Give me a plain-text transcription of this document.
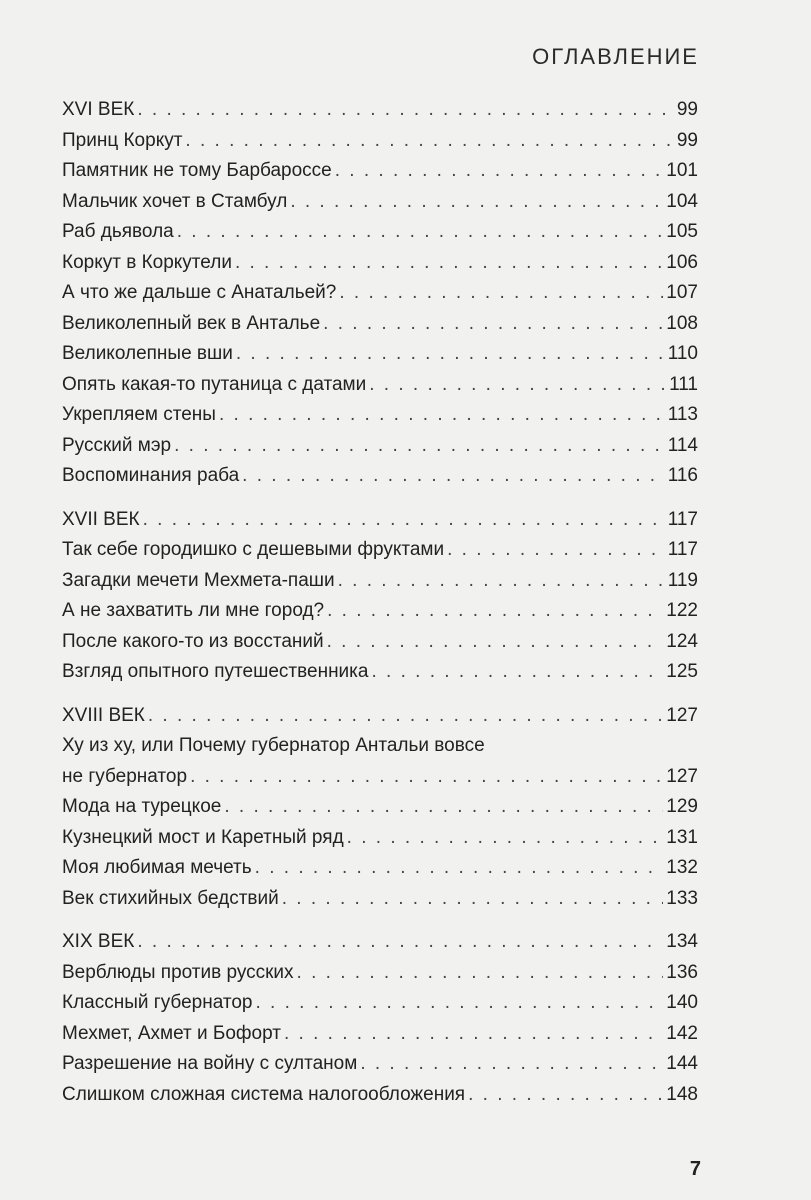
ОГЛАВЛЕНИЕ
XVI ВЕК . . .	99
Принц Коркут . . .	99
Памятник не тому Барбароссе . . .	101
Мальчик хочет в Стамбул . . .	104
Раб дьявола . . .	105
Коркут в Коркутели . . .	106
А что же дальше с Анатальей? . . .	107
Великолепный век в Анталье . . .	108
Великолепные вши . . .	110
Опять какая-то путаница с датами . . .	111
Укрепляем стены . . .	113
Русский мэр . . .	114
Воспоминания раба . . .	116
XVII ВЕК . . .	117
Так себе городишко с дешевыми фруктами . . .	117
Загадки мечети Мехмета-паши . . .	119
А не захватить ли мне город? . . .	122
После какого-то из восстаний . . .	124
Взгляд опытного путешественника . . .	125
XVIII ВЕК . . .	127
Ху из ху, или Почему губернатор Антальи вовсе
не губернатор . . .	127
Мода на турецкое . . .	129
Кузнецкий мост и Каретный ряд . . .	131
Моя любимая мечеть . . .	132
Век стихийных бедствий . . .	133
XIX ВЕК . . .	134
Верблюды против русских . . .	136
Классный губернатор . . .	140
Мехмет, Ахмет и Бофорт . . .	142
Разрешение на войну с султаном . . .	144
Слишком сложная система налогообложения . . .	148
7
